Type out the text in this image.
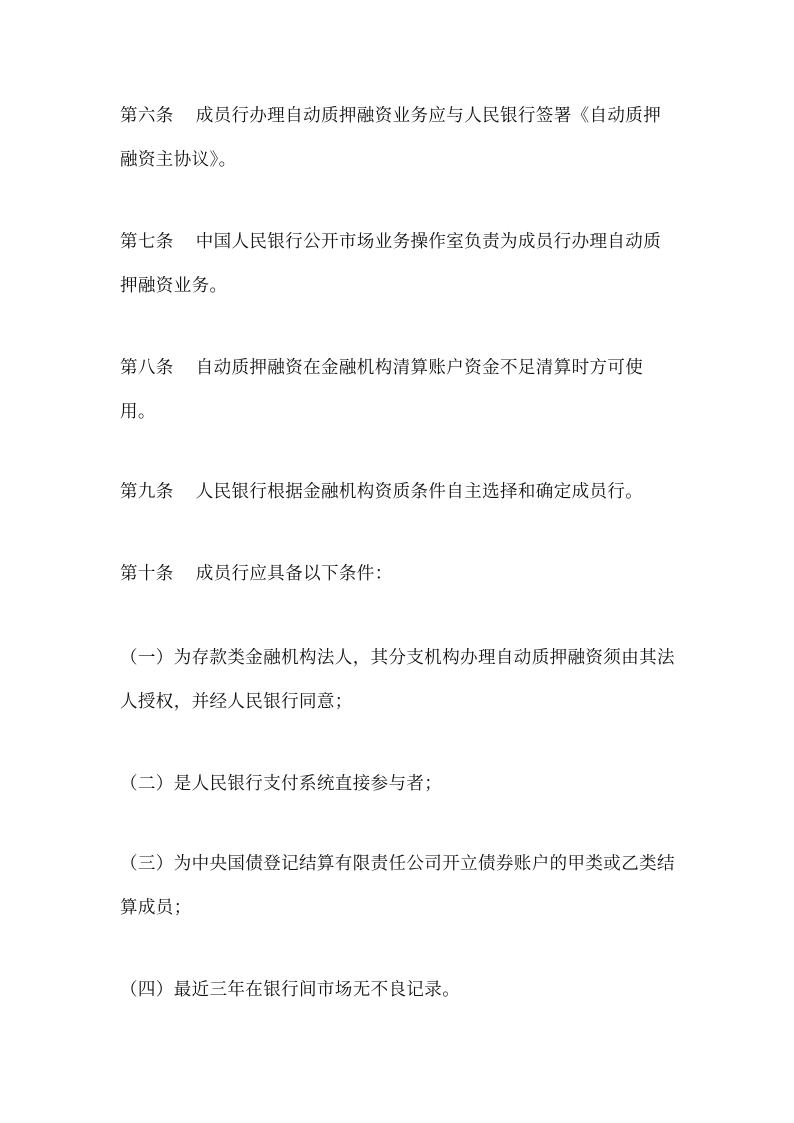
第六条 成员行办理自动质押融资业务应与人民银行签署《自动质押融资主协议》。

第七条 中国人民银行公开市场业务操作室负责为成员行办理自动质押融资业务。

第八条 自动质押融资在金融机构清算账户资金不足清算时方可使用。

第九条 人民银行根据金融机构资质条件自主选择和确定成员行。

第十条 成员行应具备以下条件：

（一）为存款类金融机构法人，其分支机构办理自动质押融资须由其法人授权，并经人民银行同意；

（二）是人民银行支付系统直接参与者；

（三）为中央国债登记结算有限责任公司开立债券账户的甲类或乙类结算成员；

（四）最近三年在银行间市场无不良记录。
